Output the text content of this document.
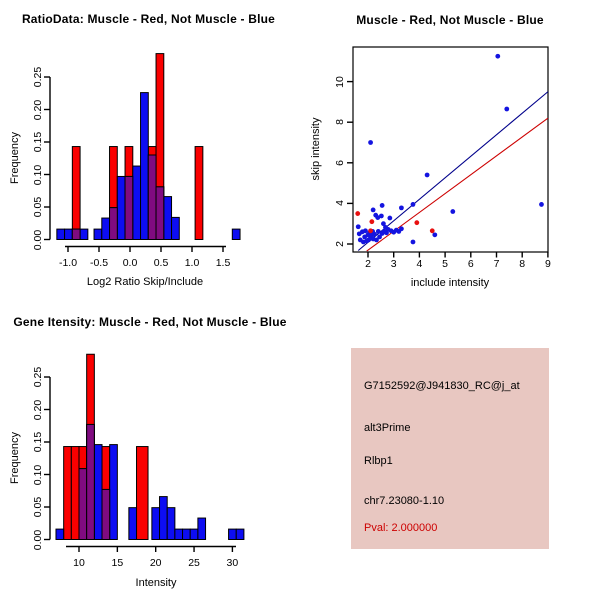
RatioData: Muscle - Red, Not Muscle - Blue	Muscle - Red, Not Muscle - Blue
Gene Itensity: Muscle - Red, Not Muscle - Blue
Frequency
Log2 Ratio Skip/Include
skip intensity
include intensity
Frequency
Intensity
G7152592@J941830_RC@j_at
alt3Prime
Rlbp1
chr7.23080-1.10
Pval: 2.000000
0.00
0.05
0.10
0.15
0.20
0.25
-1.0 -0.5 0.0 0.5 1.0 1.5	2 3 4 5 6 7 8 9
2
4
6
8
10
0.00
0.05
0.10
0.15
0.20
0.25
10	15	20	25	30
